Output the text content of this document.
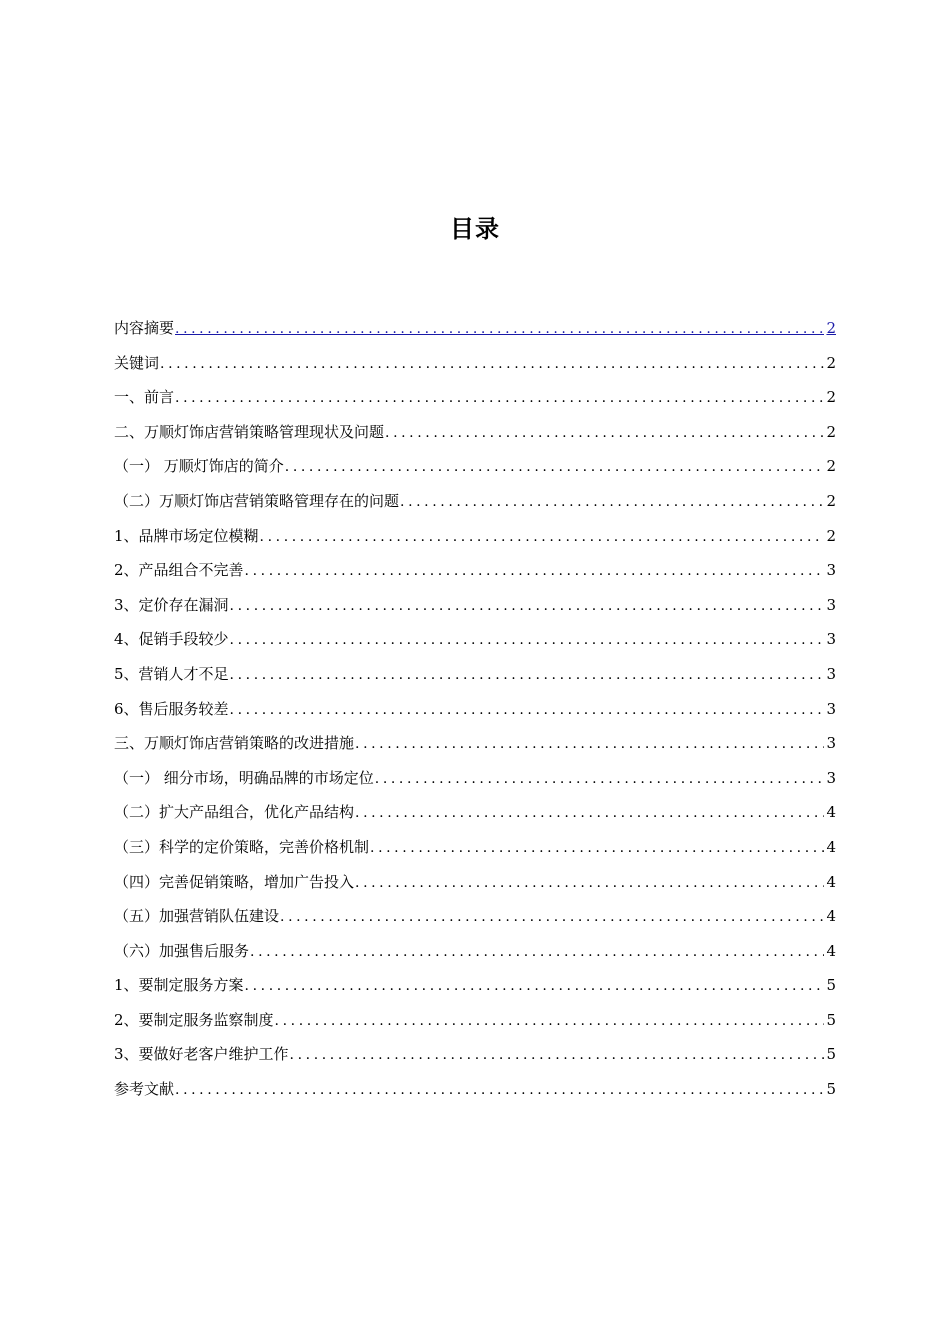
目录
内容摘要 .....	2
关键词 .....	2
一、前言 .....	2
二、万顺灯饰店营销策略管理现状及问题 .....	2
（一） 万顺灯饰店的简介 .....	2
（二）万顺灯饰店营销策略管理存在的问题 .....	2
1、品牌市场定位模糊 .....	2
2、产品组合不完善 .....	3
3、定价存在漏洞 .....	3
4、促销手段较少 .....	3
5、营销人才不足 .....	3
6、售后服务较差 .....	3
三、万顺灯饰店营销策略的改进措施 .....	3
（一） 细分市场，明确品牌的市场定位 .....	3
（二）扩大产品组合，优化产品结构 .....	4
（三）科学的定价策略，完善价格机制 .....	4
（四）完善促销策略，增加广告投入 .....	4
（五）加强营销队伍建设 .....	4
（六）加强售后服务 .....	4
1、要制定服务方案 .....	5
2、要制定服务监察制度 .....	5
3、要做好老客户维护工作 .....	5
参考文献 .....	5
